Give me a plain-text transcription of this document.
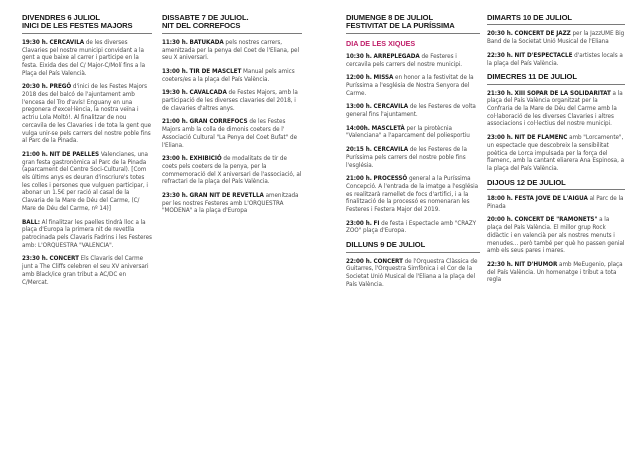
DIVENDRES 6 JULIOL
INICI DE LES FESTES MAJORS
19:30 h. CERCAVILA de les diverses Clavaries pel nostre municipi convidant a la gent a que baixe al carrer i participe en la festa. Eixida des del C/ Major-C/Molí fins a la Plaça del País Valencià.
20:30 h. PREGÓ d'inici de les Festes Majors 2018 des del balcó de l'ajuntament amb l'encesa del Tro d'avís! Enguany en una pregonera d'excel·lència, la nostra veïna i actriu Lola Moltó!. Al finalitzar de nou cercavila de les Clavaries i de tota la gent que vulga unir-se pels carrers del nostre poble fins al Parc de la Pinada.
21:00 h. NIT DE PAELLES Valencianes, una gran festa gastronòmica al Parc de la Pinada (aparcament del Centre Soci-Cultural). [Com els últims anys es deuran d'inscriure's totes les colles i persones que vulguen participar, i abonar un 1.5€ per ració al casal de la Clavaria de la Mare de Déu del Carme, (C/ Mare de Déu del Carme, nº 14)]
BALL: Al finalitzar les paelles tindrà lloc a la plaça d'Europa la primera nit de revetlla patrocinada pels Clavaris Fadrins i les Festeres amb: L'ORQUESTRA "VALENCIA".
23:30 h. CONCERT Els Clavaris del Carme junt a The Cliffs celebren el seu XV aniversari amb Black/ice gran tribut a AC/DC en C/Mercat.
DISSABTE 7 DE JULIOL.
NIT DEL CORREFOCS
11:30 h. BATUKADA pels nostres carrers, amenitzada per la penya del Coet de l'Eliana, pel seu X aniversari.
13:00 h. TIR DE MASCLET Manual pels amics coeters/es a la plaça del País València.
19:30 h. CAVALCADA de Festes Majors, amb la participació de les diverses clavaries del 2018, i de clavaries d'altres anys.
21:00 h. GRAN CORREFOCS de les Festes Majors amb la colla de dimonis coeters de l' Associació Cultural "La Penya del Coet Bufat" de l'Eliana.
23:00 h. EXHIBICIÓ de modalitats de tir de coets pels coeters de la penya, per la commemoració del X aniversari de l'associació, al refractari de la plaça del País València.
23:30 h. GRAN NIT DE REVETLLA amenitzada per les nostres Festeres amb L'ORQUESTRA "MODENA" a la plaça d'Europa
DIUMENGE 8 DE JULIOL
FESTIVITAT DE LA PURÍSSIMA
DIA DE LES XIQUES
10:30 h. ARREPLEGADA de Festeres i cercavila pels carrers del nostre municipi.
12:00 h. MISSA en honor a la festivitat de la Puríssima a l'església de Nostra Senyora del Carme.
13:00 h. CERCAVILA de les Festeres de volta general fins l'ajuntament.
14:00h. MASCLETÀ per la pirotècnia "Valenciana" a l'aparcament del poliesportiu
20:15 h. CERCAVILA de les Festeres de la Puríssima pels carrers del nostre poble fins l'església.
21:00 h. PROCESSÓ general a la Puríssima Concepció. A l'entrada de la imatge a l'església es realitzarà ramellet de focs d'artifici, i a la finalització de la processó es nomenaran les Festeres i Festera Major del 2019.
23:00 h. FI de festa i Espectacle amb "CRAZY ZOO" plaça d'Europa.
DILLUNS 9 DE JULIOL
22:00 h. CONCERT de l'Orquestra Clàssica de Guitarres, l'Orquestra Simfònica i el Cor de la Societat Unió Musical de l'Eliana a la plaça del País València.
DIMARTS 10 DE JULIOL
20:30 h. CONCERT DE JAZZ per la JazzUME Big Band de la Societat Unió Musical de l'Eliana
22:30 h. NIT D'ESPECTACLE d'artistes locals a la plaça del País València.
DIMECRES 11 DE JULIOL
21:30 h. XIII SOPAR DE LA SOLIDARITAT a la plaça del País València organitzat per la Confraria de la Mare de Déu del Carme amb la col·laboració de les diverses Clavaries i altres associacions i col·lectius del nostre municipi.
23:00 h. NIT DE FLAMENC amb "Lorcamente", un espectacle que descobreix la sensibilitat poètica de Lorca impulsada per la força del flamenc, amb la cantant eliarera Ana Espinosa, a la plaça del País València.
DIJOUS 12 DE JULIOL
18:00 h. FESTA JOVE DE L'AIGUA al Parc de la Pinada
20:00 h. CONCERT DE "RAMONETS" a la plaça del País València. El millor grup Rock didàctic i en valencià per als nostres menuts i menudes... però també per què ho passen genial amb els seus pares i mares.
22:30 h. NIT D'HUMOR amb MeEugenio, plaça del País València. Un homenatge i tribut a tota regla
